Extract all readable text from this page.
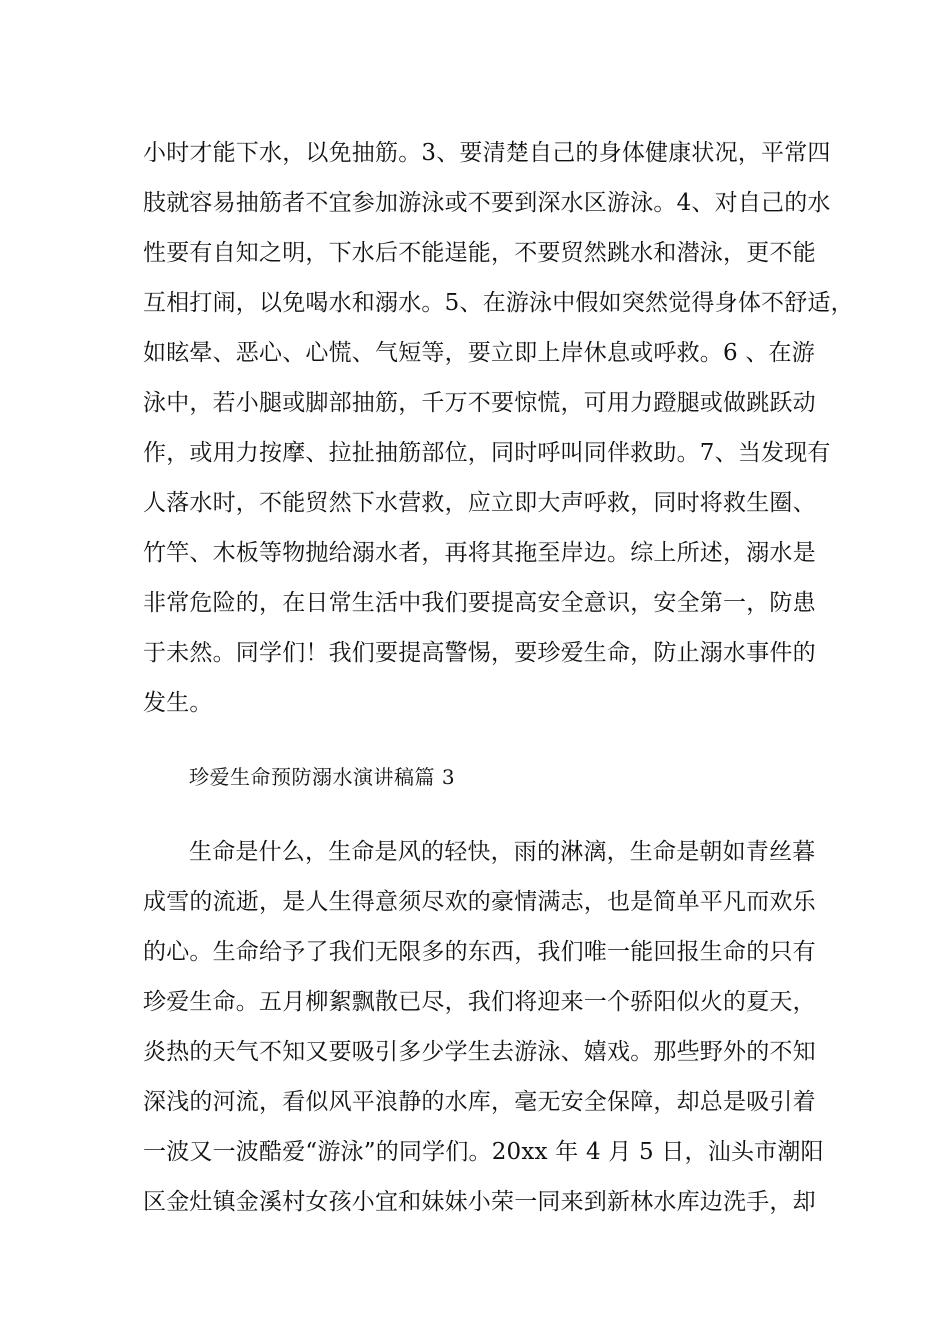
小时才能下水，以免抽筋。3、要清楚自己的身体健康状况，平常四
肢就容易抽筋者不宜参加游泳或不要到深水区游泳。4、对自己的水
性要有自知之明，下水后不能逞能，不要贸然跳水和潜泳，更不能
互相打闹，以免喝水和溺水。5、在游泳中假如突然觉得身体不舒适，
如眩晕、恶心、心慌、气短等，要立即上岸休息或呼救。6 、在游
泳中，若小腿或脚部抽筋，千万不要惊慌，可用力蹬腿或做跳跃动
作，或用力按摩、拉扯抽筋部位，同时呼叫同伴救助。7、当发现有
人落水时，不能贸然下水营救，应立即大声呼救，同时将救生圈、
竹竿、木板等物抛给溺水者，再将其拖至岸边。综上所述，溺水是
非常危险的，在日常生活中我们要提高安全意识，安全第一，防患
于未然。同学们！我们要提高警惕，要珍爱生命，防止溺水事件的
发生。
珍爱生命预防溺水演讲稿篇 3
生命是什么，生命是风的轻快，雨的淋漓，生命是朝如青丝暮
成雪的流逝，是人生得意须尽欢的豪情满志，也是简单平凡而欢乐
的心。生命给予了我们无限多的东西，我们唯一能回报生命的只有
珍爱生命。五月柳絮飘散已尽，我们将迎来一个骄阳似火的夏天，
炎热的天气不知又要吸引多少学生去游泳、嬉戏。那些野外的不知
深浅的河流，看似风平浪静的水库，毫无安全保障，却总是吸引着
一波又一波酷爱“游泳”的同学们。20xx 年 4 月 5 日，汕头市潮阳
区金灶镇金溪村女孩小宜和妹妹小荣一同来到新林水库边洗手，却
